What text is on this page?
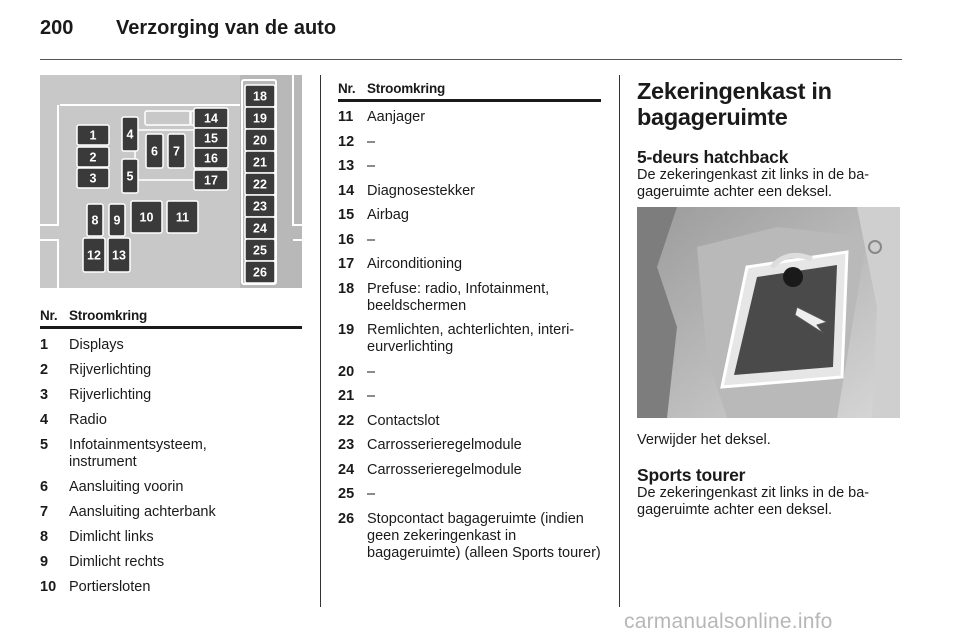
200 Verzorging van de auto
1
2
3
4
5
6 7
8 9 10 11
12 13
14
15
16
17
18
19
20
21
22
23
24
25
26
Nr. Stroomkring
1	Displays
2	Rijverlichting
3	Rijverlichting
4	Radio
5	Infotainmentsysteem, instrument
6	Aansluiting voorin
7	Aansluiting achterbank
8	Dimlicht links
9	Dimlicht rechts
10 Portiersloten
Nr. Stroomkring
11 Aanjager
12 –
13 –
14 Diagnosestekker
15 Airbag
16 –
17 Airconditioning
18 Prefuse: radio, Infotainment, beeldschermen
19 Remlichten, achterlichten, interi- eurverlichting
20 –
21 –
22 Contactslot
23 Carrosserieregelmodule
24 Carrosserieregelmodule
25 –
26 Stopcontact bagageruimte (indien geen zekeringenkast in bagageruimte) (alleen Sports tourer)
Zekeringenkast in bagageruimte
5-deurs hatchback

De zekeringenkast zit links in de ba- gageruimte achter een deksel.

Verwijder het deksel.

Sports tourer

De zekeringenkast zit links in de ba- gageruimte achter een deksel.

carmanualsonline.info
